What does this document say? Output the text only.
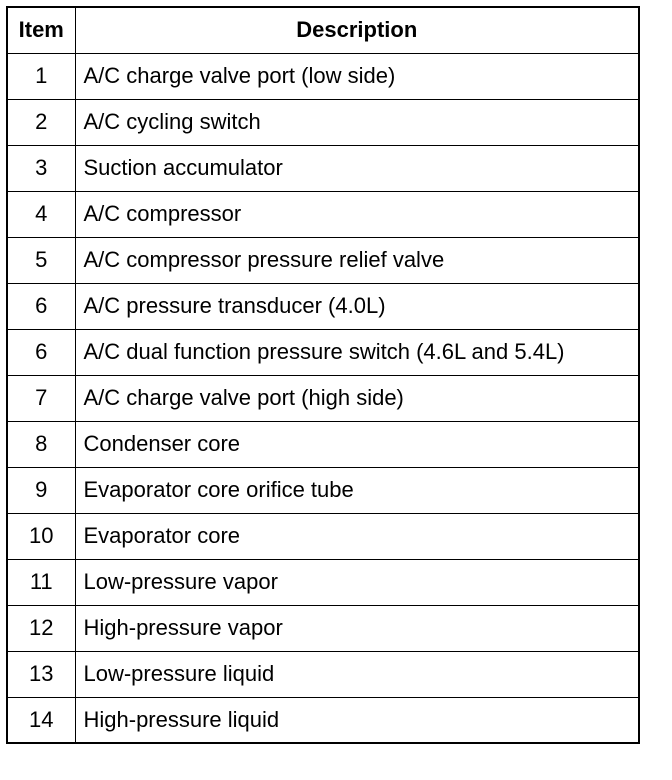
Item	Description
1	A/C charge valve port (low side)
2	A/C cycling switch
3	Suction accumulator
4	A/C compressor
5	A/C compressor pressure relief valve
6	A/C pressure transducer (4.0L)
6	A/C dual function pressure switch (4.6L and 5.4L)
7	A/C charge valve port (high side)
8	Condenser core
9	Evaporator core orifice tube
10	Evaporator core
11	Low-pressure vapor
12	High-pressure vapor
13	Low-pressure liquid
14	High-pressure liquid
